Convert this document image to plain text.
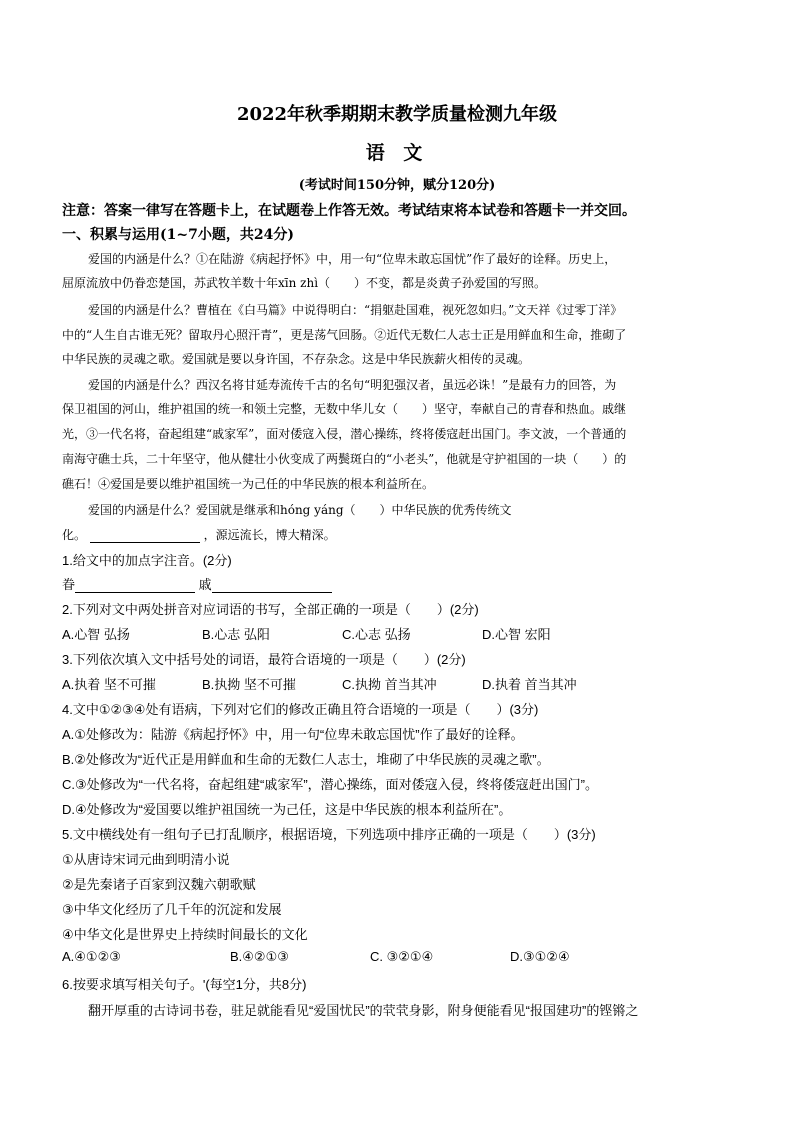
2022年秋季期期末教学质量检测九年级
语 文
(考试时间150分钟，赋分120分)
注意：答案一律写在答题卡上，在试题卷上作答无效。考试结束将本试卷和答题卡一并交回。
一、积累与运用(1~7小题，共24分)
爱国的内涵是什么？①在陆游《病起抒怀》中，用一句“位卑未敢忘国忧”作了最好的诠释。历史上，
屈原流放中仍眷恋楚国，苏武牧羊数十年xīn zhì（　　）不变，都是炎黄子孙爱国的写照。
爱国的内涵是什么？曹植在《白马篇》中说得明白：“捐躯赴国难，视死忽如归。”文天祥《过零丁洋》
中的“人生自古谁无死？留取丹心照汗青”，更是荡气回肠。②近代无数仁人志士正是用鲜血和生命，推砌了
中华民族的灵魂之歌。爱国就是要以身许国，不存杂念。这是中华民族薪火相传的灵魂。
爱国的内涵是什么？西汉名将甘延寿流传千古的名句“明犯强汉者，虽远必诛！”是最有力的回答，为
保卫祖国的河山，维护祖国的统一和领土完整，无数中华儿女（　　）坚守，奉献自己的青春和热血。戚继
光，③一代名将，奋起组建“戚家军”，面对倭寇入侵，潜心操练，终将倭寇赶出国门。李文波，一个普通的
南海守礁士兵，二十年坚守，他从健壮小伙变成了两鬓斑白的“小老头”，他就是守护祖国的一块（　　）的
礁石！④爱国是要以维护祖国统一为己任的中华民族的根本利益所在。
爱国的内涵是什么？爱国就是继承和hóng yáng（　　）中华民族的优秀传统文
化。	，源远流长，博大精深。
1.给文中的加点字注音。(2分)
眷	戚
2.下列对文中两处拼音对应词语的书写，全部正确的一项是（　　）(2分)
A.心智 弘扬	B.心志 弘阳	C.心志 弘扬	D.心智 宏阳
3.下列依次填入文中括号处的词语，最符合语境的一项是（　　）(2分)
A.执着 坚不可摧	B.执拗 坚不可摧	C.执拗 首当其冲	D.执着 首当其冲
4.文中①②③④处有语病，下列对它们的修改正确且符合语境的一项是（　　）(3分)
A.①处修改为：陆游《病起抒怀》中，用一句“位卑未敢忘国忧”作了最好的诠释。
B.②处修改为“近代正是用鲜血和生命的无数仁人志士，堆砌了中华民族的灵魂之歌”。
C.③处修改为“一代名将，奋起组建“戚家军”，潜心操练，面对倭寇入侵，终将倭寇赶出国门”。
D.④处修改为“爱国要以维护祖国统一为己任，这是中华民族的根本利益所在”。
5.文中横线处有一组句子已打乱顺序，根据语境，下列选项中排序正确的一项是（　　）(3分)
①从唐诗宋词元曲到明清小说
②是先秦诸子百家到汉魏六朝歌赋
③中华文化经历了几千年的沉淀和发展
④中华文化是世界史上持续时间最长的文化
A.④①②③	B.④②①③	C. ③②①④	D.③①②④
6.按要求填写相关句子。'(每空1分，共8分)
翻开厚重的古诗词书卷，驻足就能看见“爱国忧民”的茕茕身影，附身便能看见“报国建功”的铿锵之
